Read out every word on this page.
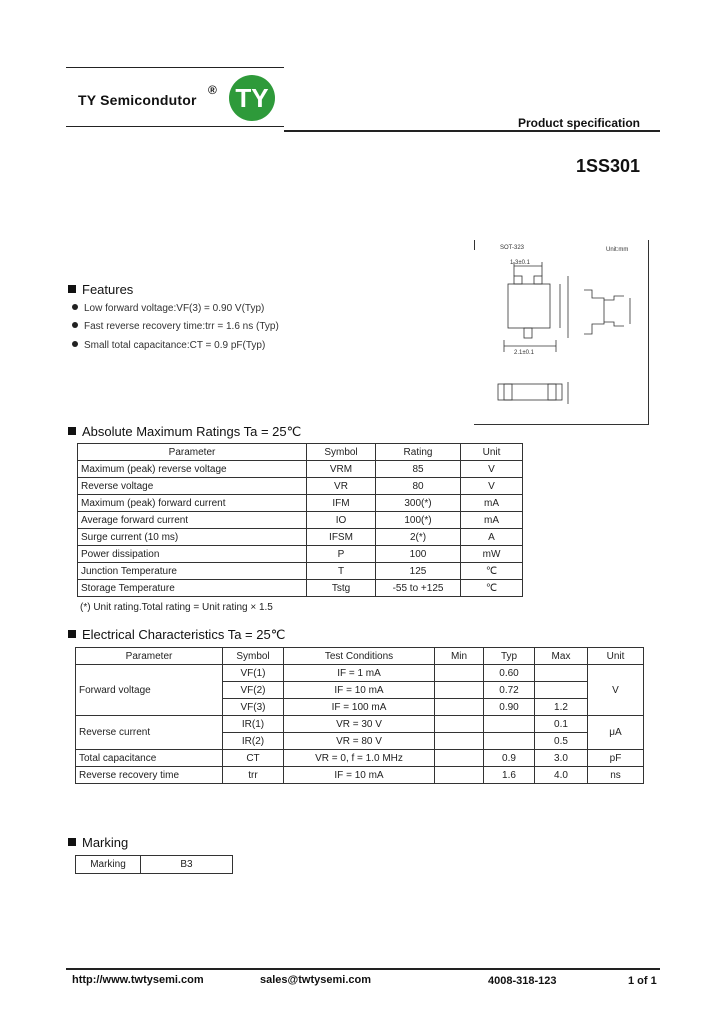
TY Semicondutor
® TY
Product specification
1SS301
SOT-323	Unit:mm
1.3±0.1
2.1±0.1
Features
Low forward voltage:VF(3) = 0.90 V(Typ)
Fast reverse recovery time:trr = 1.6 ns (Typ)
Small total capacitance:CT = 0.9 pF(Typ)
Absolute Maximum Ratings Ta = 25℃
Parameter	Symbol	Rating	Unit
Maximum (peak) reverse voltage	VRM	85	V
Reverse voltage	VR	80	V
Maximum (peak) forward current	IFM	300(*)	mA
Average forward current	IO	100(*)	mA
Surge current (10 ms)	IFSM	2(*)	A
Power dissipation	P	100	mW
Junction Temperature	T	125	℃
Storage Temperature	Tstg	-55 to +125	℃
(*) Unit rating.Total rating = Unit rating × 1.5
Electrical Characteristics Ta = 25℃
Parameter	Symbol	Test Conditions	Min	Typ	Max	Unit
Forward voltage	VF(1)	IF = 1 mA		0.60		V
	VF(2)	IF = 10 mA		0.72		
	VF(3)	IF = 100 mA		0.90	1.2	
Reverse current	IR(1)	VR = 30 V			0.1	μA
	IR(2)	VR = 80 V			0.5	
Total capacitance	CT	VR = 0, f = 1.0 MHz		0.9	3.0	pF
Reverse recovery time	trr	IF = 10 mA		1.6	4.0	ns
Marking
Marking	B3
http://www.twtysemi.com	sales@twtysemi.com	4008-318-123	1 of 1
